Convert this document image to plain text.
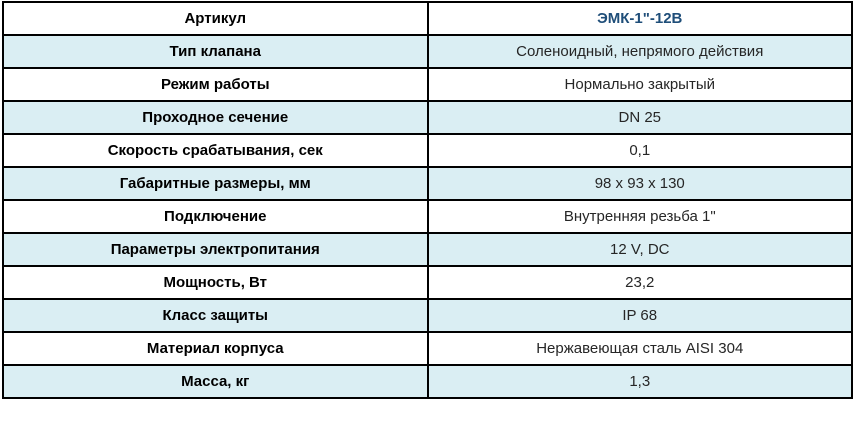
Артикул	ЭМК-1"-12В
Тип клапана	Соленоидный, непрямого действия
Режим работы	Нормально закрытый
Проходное сечение	DN 25
Скорость срабатывания, сек	0,1
Габаритные размеры, мм	98 х 93 х 130
Подключение	Внутренняя резьба 1"
Параметры электропитания	12 V, DC
Мощность, Вт	23,2
Класс защиты	IP 68
Материал корпуса	Нержавеющая сталь AISI 304
Масса, кг	1,3
